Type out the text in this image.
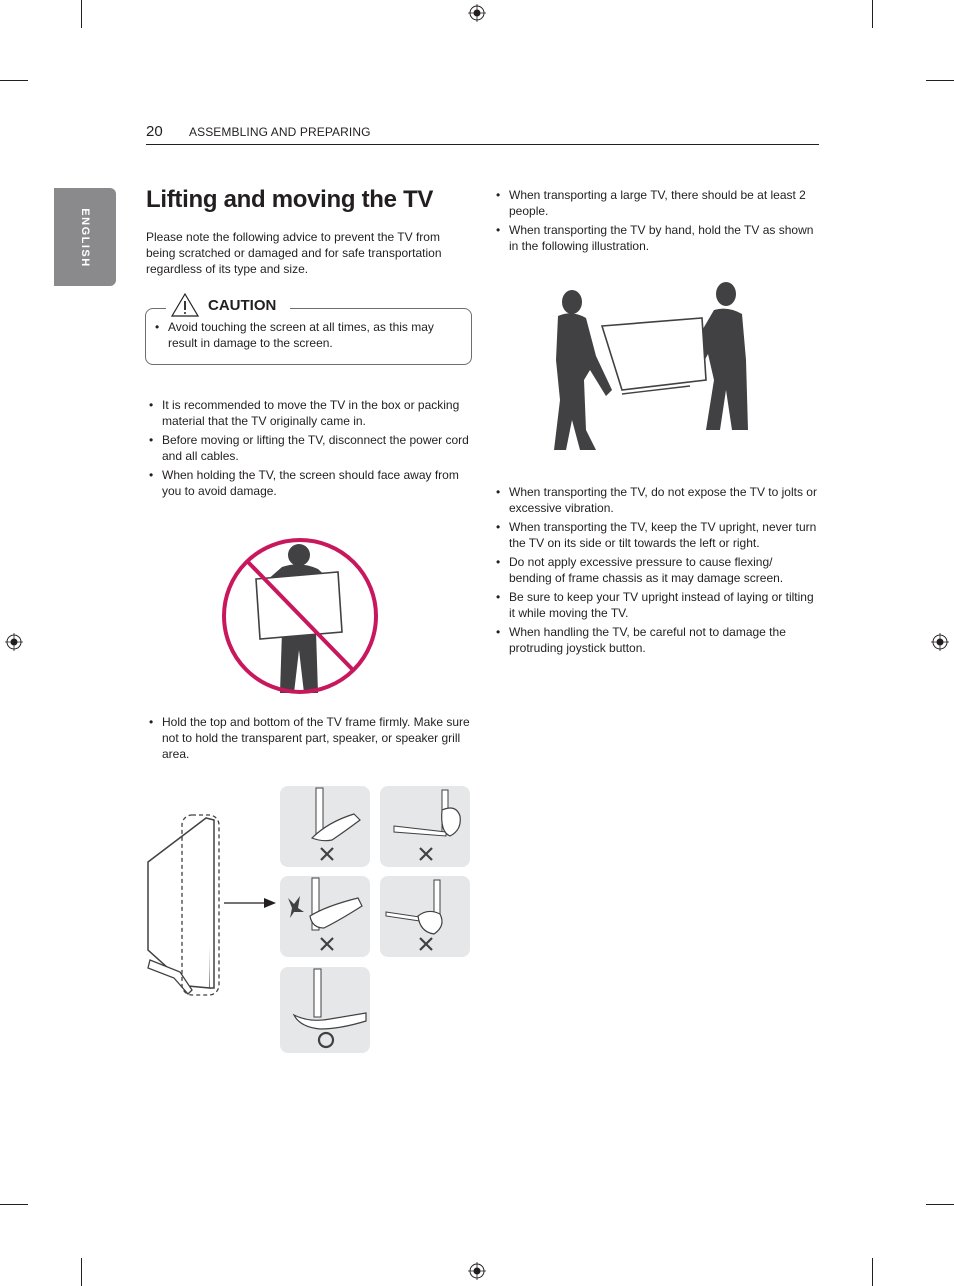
20 ASSEMBLING AND PREPARING
ENGLISH
Lifting and moving the TV
Please note the following advice to prevent the TV from being scratched or damaged and for safe transportation regardless of its type and size.
CAUTION
• Avoid touching the screen at all times, as this may result in damage to the screen.
• It is recommended to move the TV in the box or packing material that the TV originally came in.
• Before moving or lifting the TV, disconnect the power cord and all cables.
• When holding the TV, the screen should face away from you to avoid damage.
• Hold the top and bottom of the TV frame firmly. Make sure not to hold the transparent part, speaker, or speaker grill area.
• When transporting a large TV, there should be at least 2 people.
• When transporting the TV by hand, hold the TV as shown in the following illustration.
• When transporting the TV, do not expose the TV to jolts or excessive vibration.
• When transporting the TV, keep the TV upright, never turn the TV on its side or tilt towards the left or right.
• Do not apply excessive pressure to cause flexing/ bending of frame chassis as it may damage screen.
• Be sure to keep your TV upright instead of laying or tilting it while moving the TV.
• When handling the TV, be careful not to damage the protruding joystick button.
